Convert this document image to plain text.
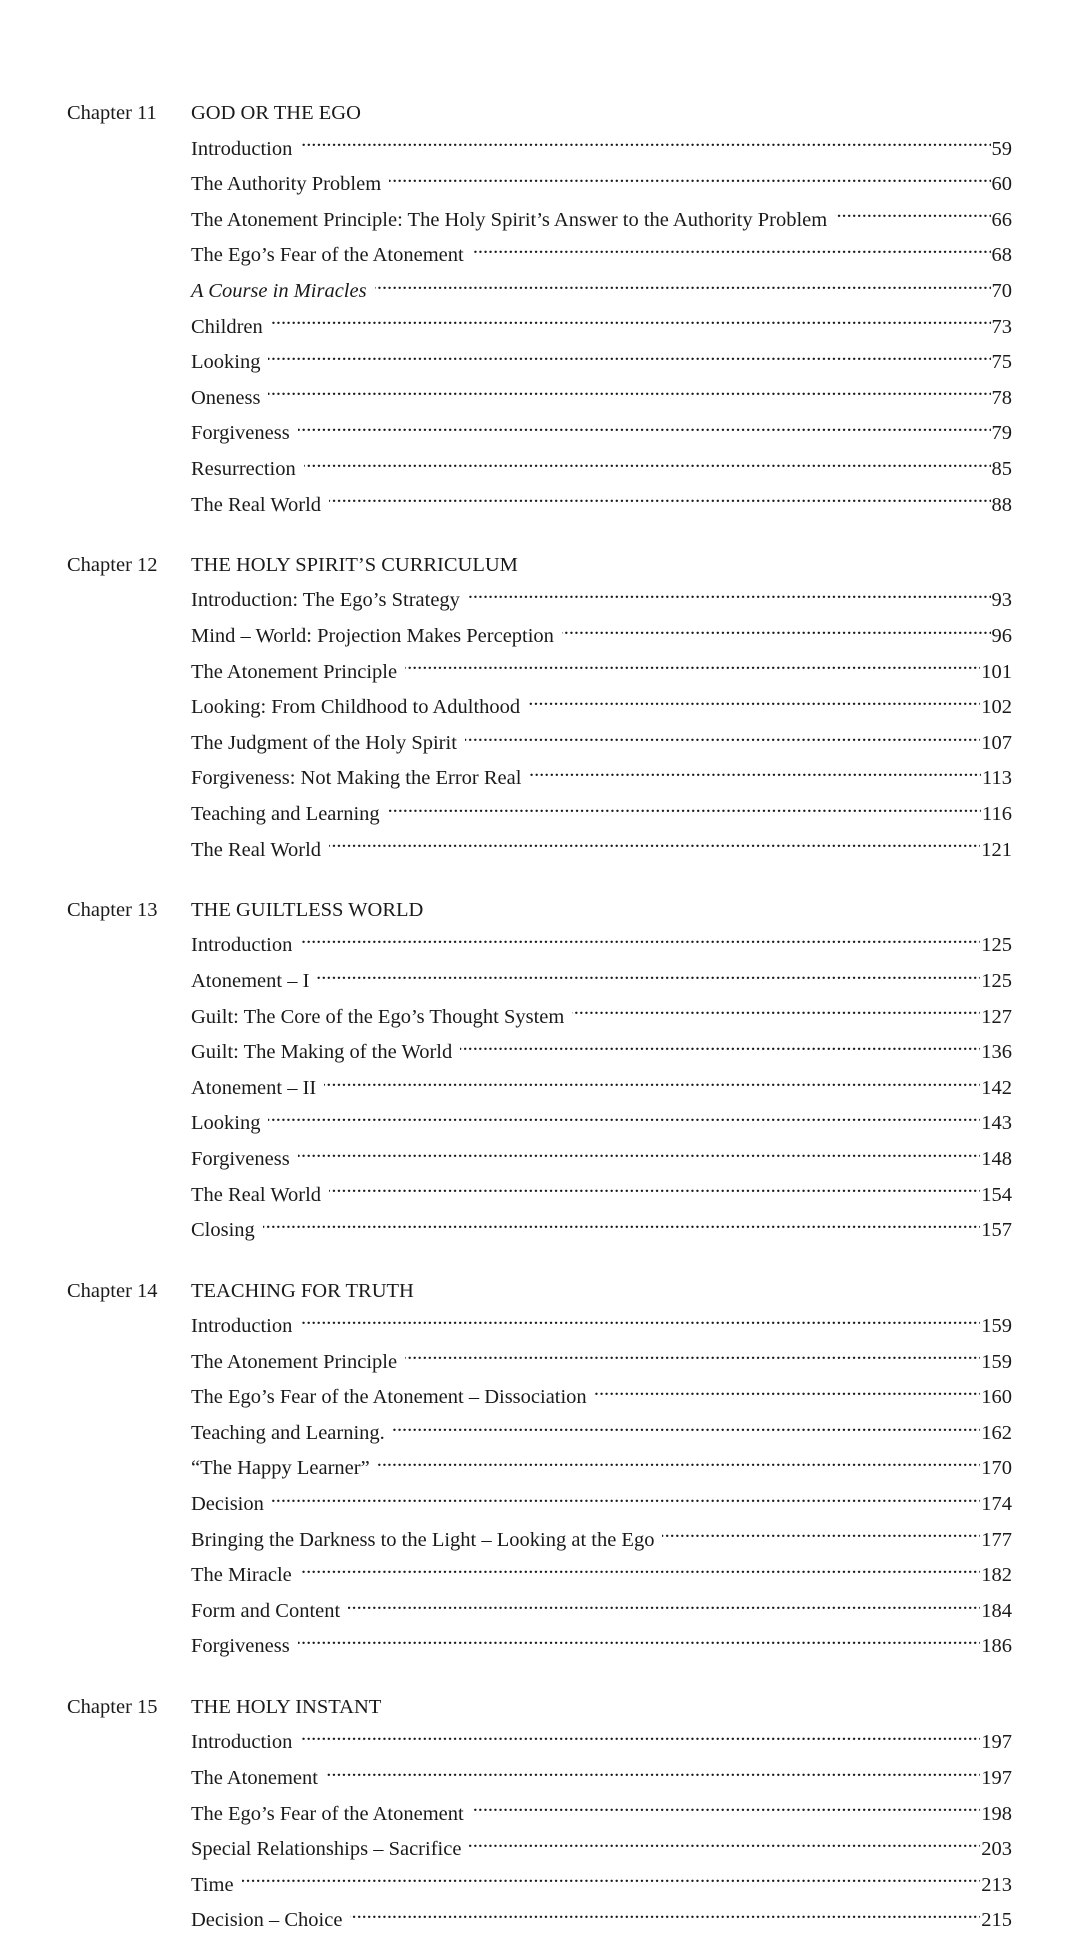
Chapter 11	GOD OR THE EGO
Introduction . . .	59
The Authority Problem . . .	60
The Atonement Principle: The Holy Spirit’s Answer to the Authority Problem . . .	66
The Ego’s Fear of the Atonement . . .	68
A Course in Miracles . . .	70
Children . . .	73
Looking . . .	75
Oneness . . .	78
Forgiveness . . .	79
Resurrection . . .	85
The Real World . . .	88
Chapter 12	THE HOLY SPIRIT’S CURRICULUM
Introduction: The Ego’s Strategy . . .	93
Mind – World: Projection Makes Perception . . .	96
The Atonement Principle . . .	101
Looking: From Childhood to Adulthood . . .	102
The Judgment of the Holy Spirit . . .	107
Forgiveness: Not Making the Error Real . . .	113
Teaching and Learning . . .	116
The Real World . . .	121
Chapter 13	THE GUILTLESS WORLD
Introduction . . .	125
Atonement – I . . .	125
Guilt: The Core of the Ego’s Thought System . . .	127
Guilt: The Making of the World . . .	136
Atonement – II . . .	142
Looking . . .	143
Forgiveness . . .	148
The Real World . . .	154
Closing . . .	157
Chapter 14	TEACHING FOR TRUTH
Introduction . . .	159
The Atonement Principle . . .	159
The Ego’s Fear of the Atonement – Dissociation . . .	160
Teaching and Learning. . . .	162
“The Happy Learner” . . .	170
Decision . . .	174
Bringing the Darkness to the Light – Looking at the Ego . . .	177
The Miracle . . .	182
Form and Content . . .	184
Forgiveness . . .	186
Chapter 15	THE HOLY INSTANT
Introduction . . .	197
The Atonement . . .	197
The Ego’s Fear of the Atonement . . .	198
Special Relationships – Sacrifice . . .	203
Time . . .	213
Decision – Choice . . .	215
